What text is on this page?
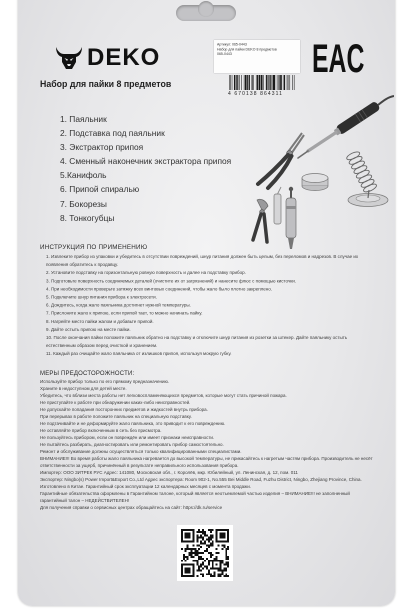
DEKO	Артикул: 065-0443
Набор для пайки DEKO 8 предметов
065-0443
4 670138 864311
EAC
Набор для пайки 8 предметов
1. Паяльник
2. Подставка под паяльник
3. Экстрактор припоя
4. Сменный наконечник экстрактора припоя
5.Канифоль
6. Припой спиралью
7. Бокорезы
8. Тонкогубцы
ИНСТРУКЦИЯ ПО ПРИМЕНЕНИЮ
1. Извлеките прибор из упаковки и убедитесь в отсутствии повреждений, шнур питания должен быть целым, без переломов и надрезов. В случае их появления обратитесь к продавцу.
2. Установите подставку на горизонтальную ровную поверхность и далее на подставку прибор.
3. Подготовьте поверхность соединяемых деталей (очистите их от загрязнений) и нанесите флюс с помощью кисточки.
4. При необходимости проверьте затяжку всех винтовых соединений, чтобы жало было плотно закреплено.
5. Подключите шнур питания прибора к электросети.
6. Дождитесь, когда жало паяльника достигнет нужной температуры.
7. Прислоните жало к припою, если припой тает, то можно начинать пайку.
8. Нагрейте место пайки жалом и добавьте припой.
9. Дайте остыть припою на месте пайки.
10. После окончания пайки положите паяльник обратно на подставку и отключите шнур питания из розетки за штекер. Дайте паяльнику остыть естественным образом перед очисткой и хранением.
11. Каждый раз очищайте жало паяльника от излишков припоя, используя мокрую губку.
МЕРЫ ПРЕДОСТОРОЖНОСТИ:
Используйте прибор только по его прямому предназначению.
Храните в недоступном для детей месте.
Убедитесь, что вблизи места работы нет легковоспламеняющихся предметов, которые могут стать причиной пожара.
Не приступайте к работе при обнаружении каких-либо неисправностей.
Не допускайте попадания посторонних предметов и жидкостей внутрь прибора.
При перерывах в работе положите паяльник на специальную подставку.
Не подтачивайте и не деформируйте жало паяльника, это приводит к его повреждению.
Не оставляйте прибор включенным в сеть без присмотра.
Не пользуйтесь прибором, если он повреждён или имеет признаки неисправности.
Не пытайтесь разбирать, диагностировать или ремонтировать прибор самостоятельно.
Ремонт и обслуживание должны осуществляться только квалифицированными специалистами.
ВНИМАНИЕ!!! Во время работы жало паяльника нагревается до высокой температуры, не прикасайтесь к нагретым частям прибора. Производитель не несёт ответственности за ущерб, причинённый в результате неправильного использования прибора.
Импортер: ООО ЗИТРЕК РУС Адрес: 141080, Московская обл., г. Королёв, мкр. Юбилейный, ул. Ленинская, д. 12, пом. 011
Экспортер: Ningbo(s) Power Import&Export Co.,Ltd Адрес экспортера: Room 902-1, No.555 Bei Middle Road, Fuzhu District, Ningbo, Zhejiang Province, China. Изготовлено в Китае. Гарантийный срок эксплуатации 12 календарных месяцев с момента продажи.
Гарантийные обязательства оформлены в Гарантийном талоне, который является неотъемлемой частью изделия – ВНИМАНИЕ!!! не заполненный гарантийный талон – НЕДЕЙСТВИТЕЛЕН!
Для получения справки о сервисных центрах обращайтесь на сайт: https://dk.ru/service
